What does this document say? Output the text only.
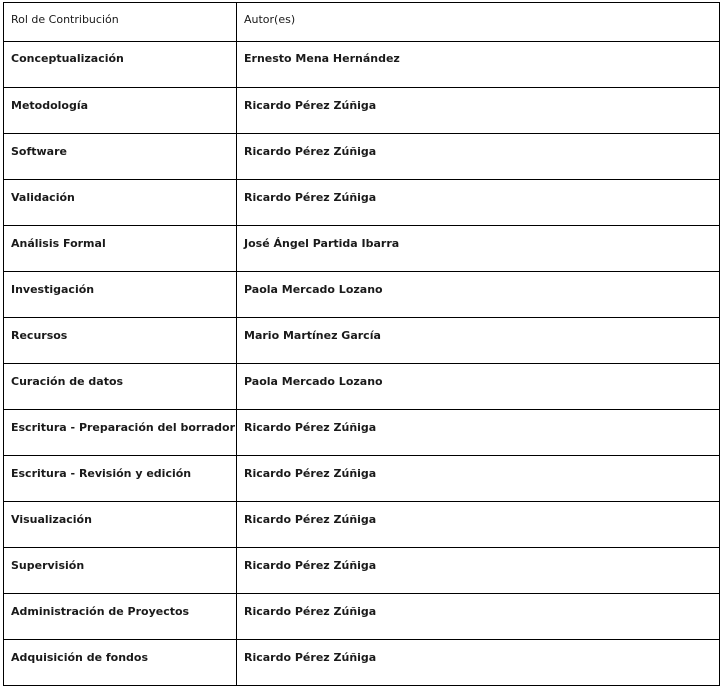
Rol de Contribución	Autor(es)
Conceptualización	Ernesto Mena Hernández
Metodología	Ricardo Pérez Zúñiga
Software	Ricardo Pérez Zúñiga
Validación	Ricardo Pérez Zúñiga
Análisis Formal	José Ángel Partida Ibarra
Investigación	Paola Mercado Lozano
Recursos	Mario Martínez García
Curación de datos	Paola Mercado Lozano
Escritura - Preparación del borrador	Ricardo Pérez Zúñiga
Escritura - Revisión y edición	Ricardo Pérez Zúñiga
Visualización	Ricardo Pérez Zúñiga
Supervisión	Ricardo Pérez Zúñiga
Administración de Proyectos	Ricardo Pérez Zúñiga
Adquisición de fondos	Ricardo Pérez Zúñiga
